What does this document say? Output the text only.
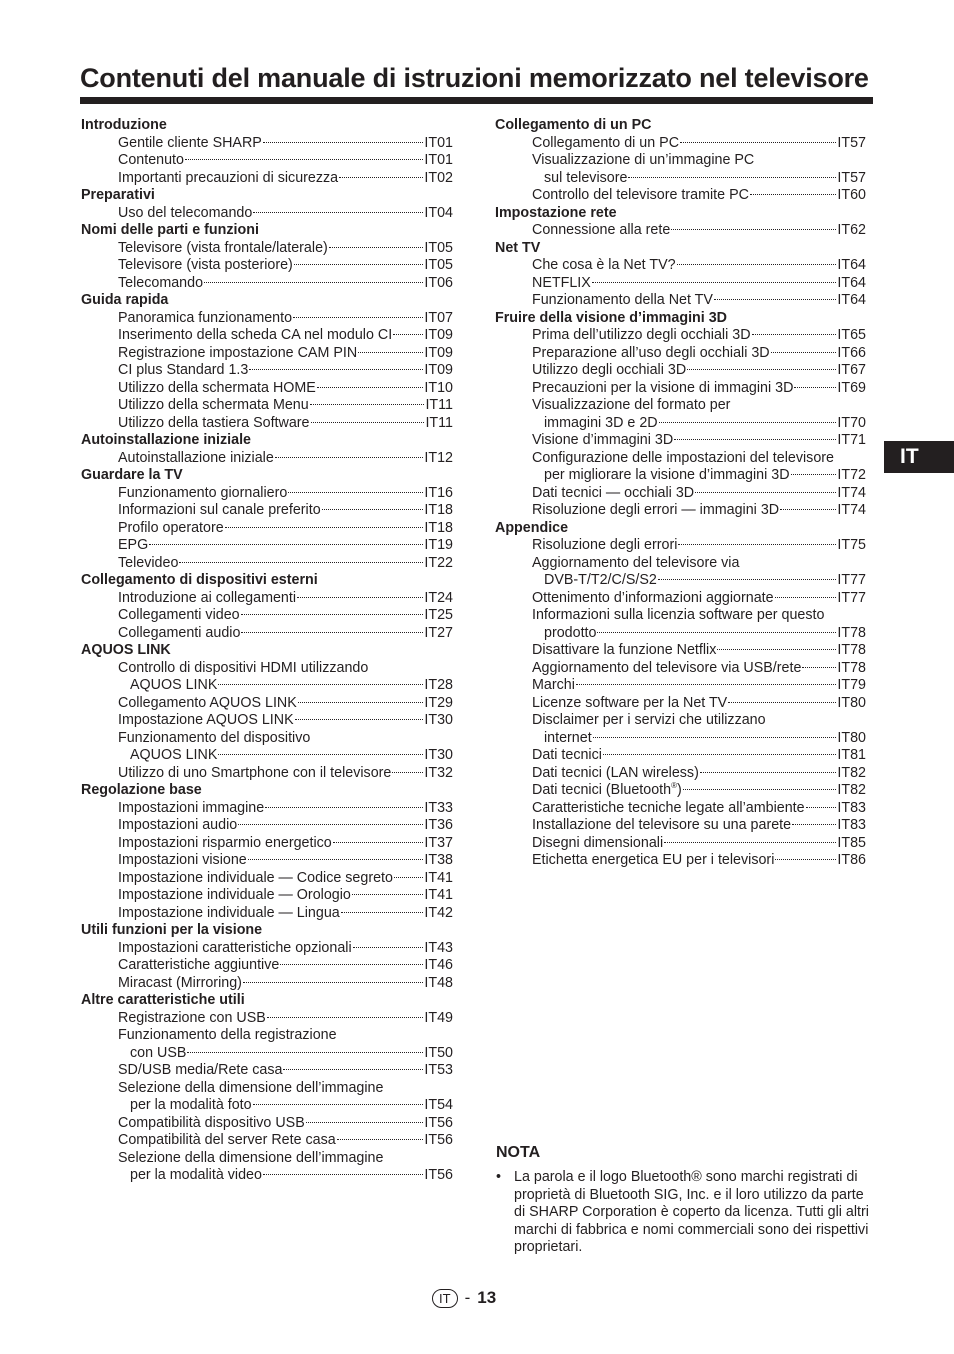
Contenuti del manuale di istruzioni memorizzato nel televisore
Introduzione
Gentile cliente SHARP	IT01
Contenuto	IT01
Importanti precauzioni di sicurezza	IT02
Preparativi
Uso del telecomando	IT04
Nomi delle parti e funzioni
Televisore (vista frontale/laterale)	IT05
Televisore (vista posteriore)	IT05
Telecomando	IT06
Guida rapida
Panoramica funzionamento	IT07
Inserimento della scheda CA nel modulo CI IT09
Registrazione impostazione CAM PIN	IT09
CI plus Standard 1.3	IT09
Utilizzo della schermata HOME	IT10
Utilizzo della schermata Menu	IT11
Utilizzo della tastiera Software	IT11
Autoinstallazione iniziale
Autoinstallazione iniziale	IT12
Guardare la TV
Funzionamento giornaliero	IT16
Informazioni sul canale preferito	IT18
Profilo operatore	IT18
EPG	IT19
Televideo	IT22
Collegamento di dispositivi esterni
Introduzione ai collegamenti	IT24
Collegamenti video	IT25
Collegamenti audio	IT27
AQUOS LINK
Controllo di dispositivi HDMI utilizzando
AQUOS LINK	IT28
Collegamento AQUOS LINK	IT29
Impostazione AQUOS LINK	IT30
Funzionamento del dispositivo
AQUOS LINK	IT30
Utilizzo di uno Smartphone con il televisore IT32
Regolazione base
Impostazioni immagine	IT33
Impostazioni audio	IT36
Impostazioni risparmio energetico	IT37
Impostazioni visione	IT38
Impostazione individuale — Codice segreto IT41
Impostazione individuale — Orologio	IT41
Impostazione individuale — Lingua	IT42
Utili funzioni per la visione
Impostazioni caratteristiche opzionali	IT43
Caratteristiche aggiuntive	IT46
Miracast (Mirroring)	IT48
Altre caratteristiche utili
Registrazione con USB	IT49
Funzionamento della registrazione
con USB	IT50
SD/USB media/Rete casa	IT53
Selezione della dimensione dell’immagine
per la modalità foto	IT54
Compatibilità dispositivo USB	IT56
Compatibilità del server Rete casa	IT56
Selezione della dimensione dell’immagine
per la modalità video	IT56
Collegamento di un PC
Collegamento di un PC	IT57
Visualizzazione di un’immagine PC
sul televisore	IT57
Controllo del televisore tramite PC	IT60
Impostazione rete
Connessione alla rete	IT62
Net TV
Che cosa è la Net TV?	IT64
NETFLIX	IT64
Funzionamento della Net TV	IT64
Fruire della visione d’immagini 3D
Prima dell’utilizzo degli occhiali 3D	IT65
Preparazione all’uso degli occhiali 3D	IT66
Utilizzo degli occhiali 3D	IT67
Precauzioni per la visione di immagini 3D	IT69
Visualizzazione del formato per
immagini 3D e 2D	IT70
Visione d’immagini 3D	IT71
Configurazione delle impostazioni del televisore
per migliorare la visione d’immagini 3D	IT72
Dati tecnici — occhiali 3D	IT74
Risoluzione degli errori — immagini 3D	IT74
Appendice
Risoluzione degli errori	IT75
Aggiornamento del televisore via
DVB-T/T2/C/S/S2	IT77
Ottenimento d’informazioni aggiornate	IT77
Informazioni sulla licenzia software per questo
prodotto	IT78
Disattivare la funzione Netflix	IT78
Aggiornamento del televisore via USB/rete	IT78
Marchi	IT79
Licenze software per la Net TV	IT80
Disclaimer per i servizi che utilizzano
internet	IT80
Dati tecnici	IT81
Dati tecnici (LAN wireless)	IT82
Dati tecnici (Bluetooth®)	IT82
Caratteristiche tecniche legate all’ambiente IT83
Installazione del televisore su una parete	IT83
Disegni dimensionali	IT85
Etichetta energetica EU per i televisori	IT86
IT
NOTA
• La parola e il logo Bluetooth® sono marchi registrati di proprietà di Bluetooth SIG, Inc. e il loro utilizzo da parte di SHARP Corporation è coperto da licenza. Tutti gli altri marchi di fabbrica e nomi commerciali sono dei rispettivi proprietari.
IT - 13
